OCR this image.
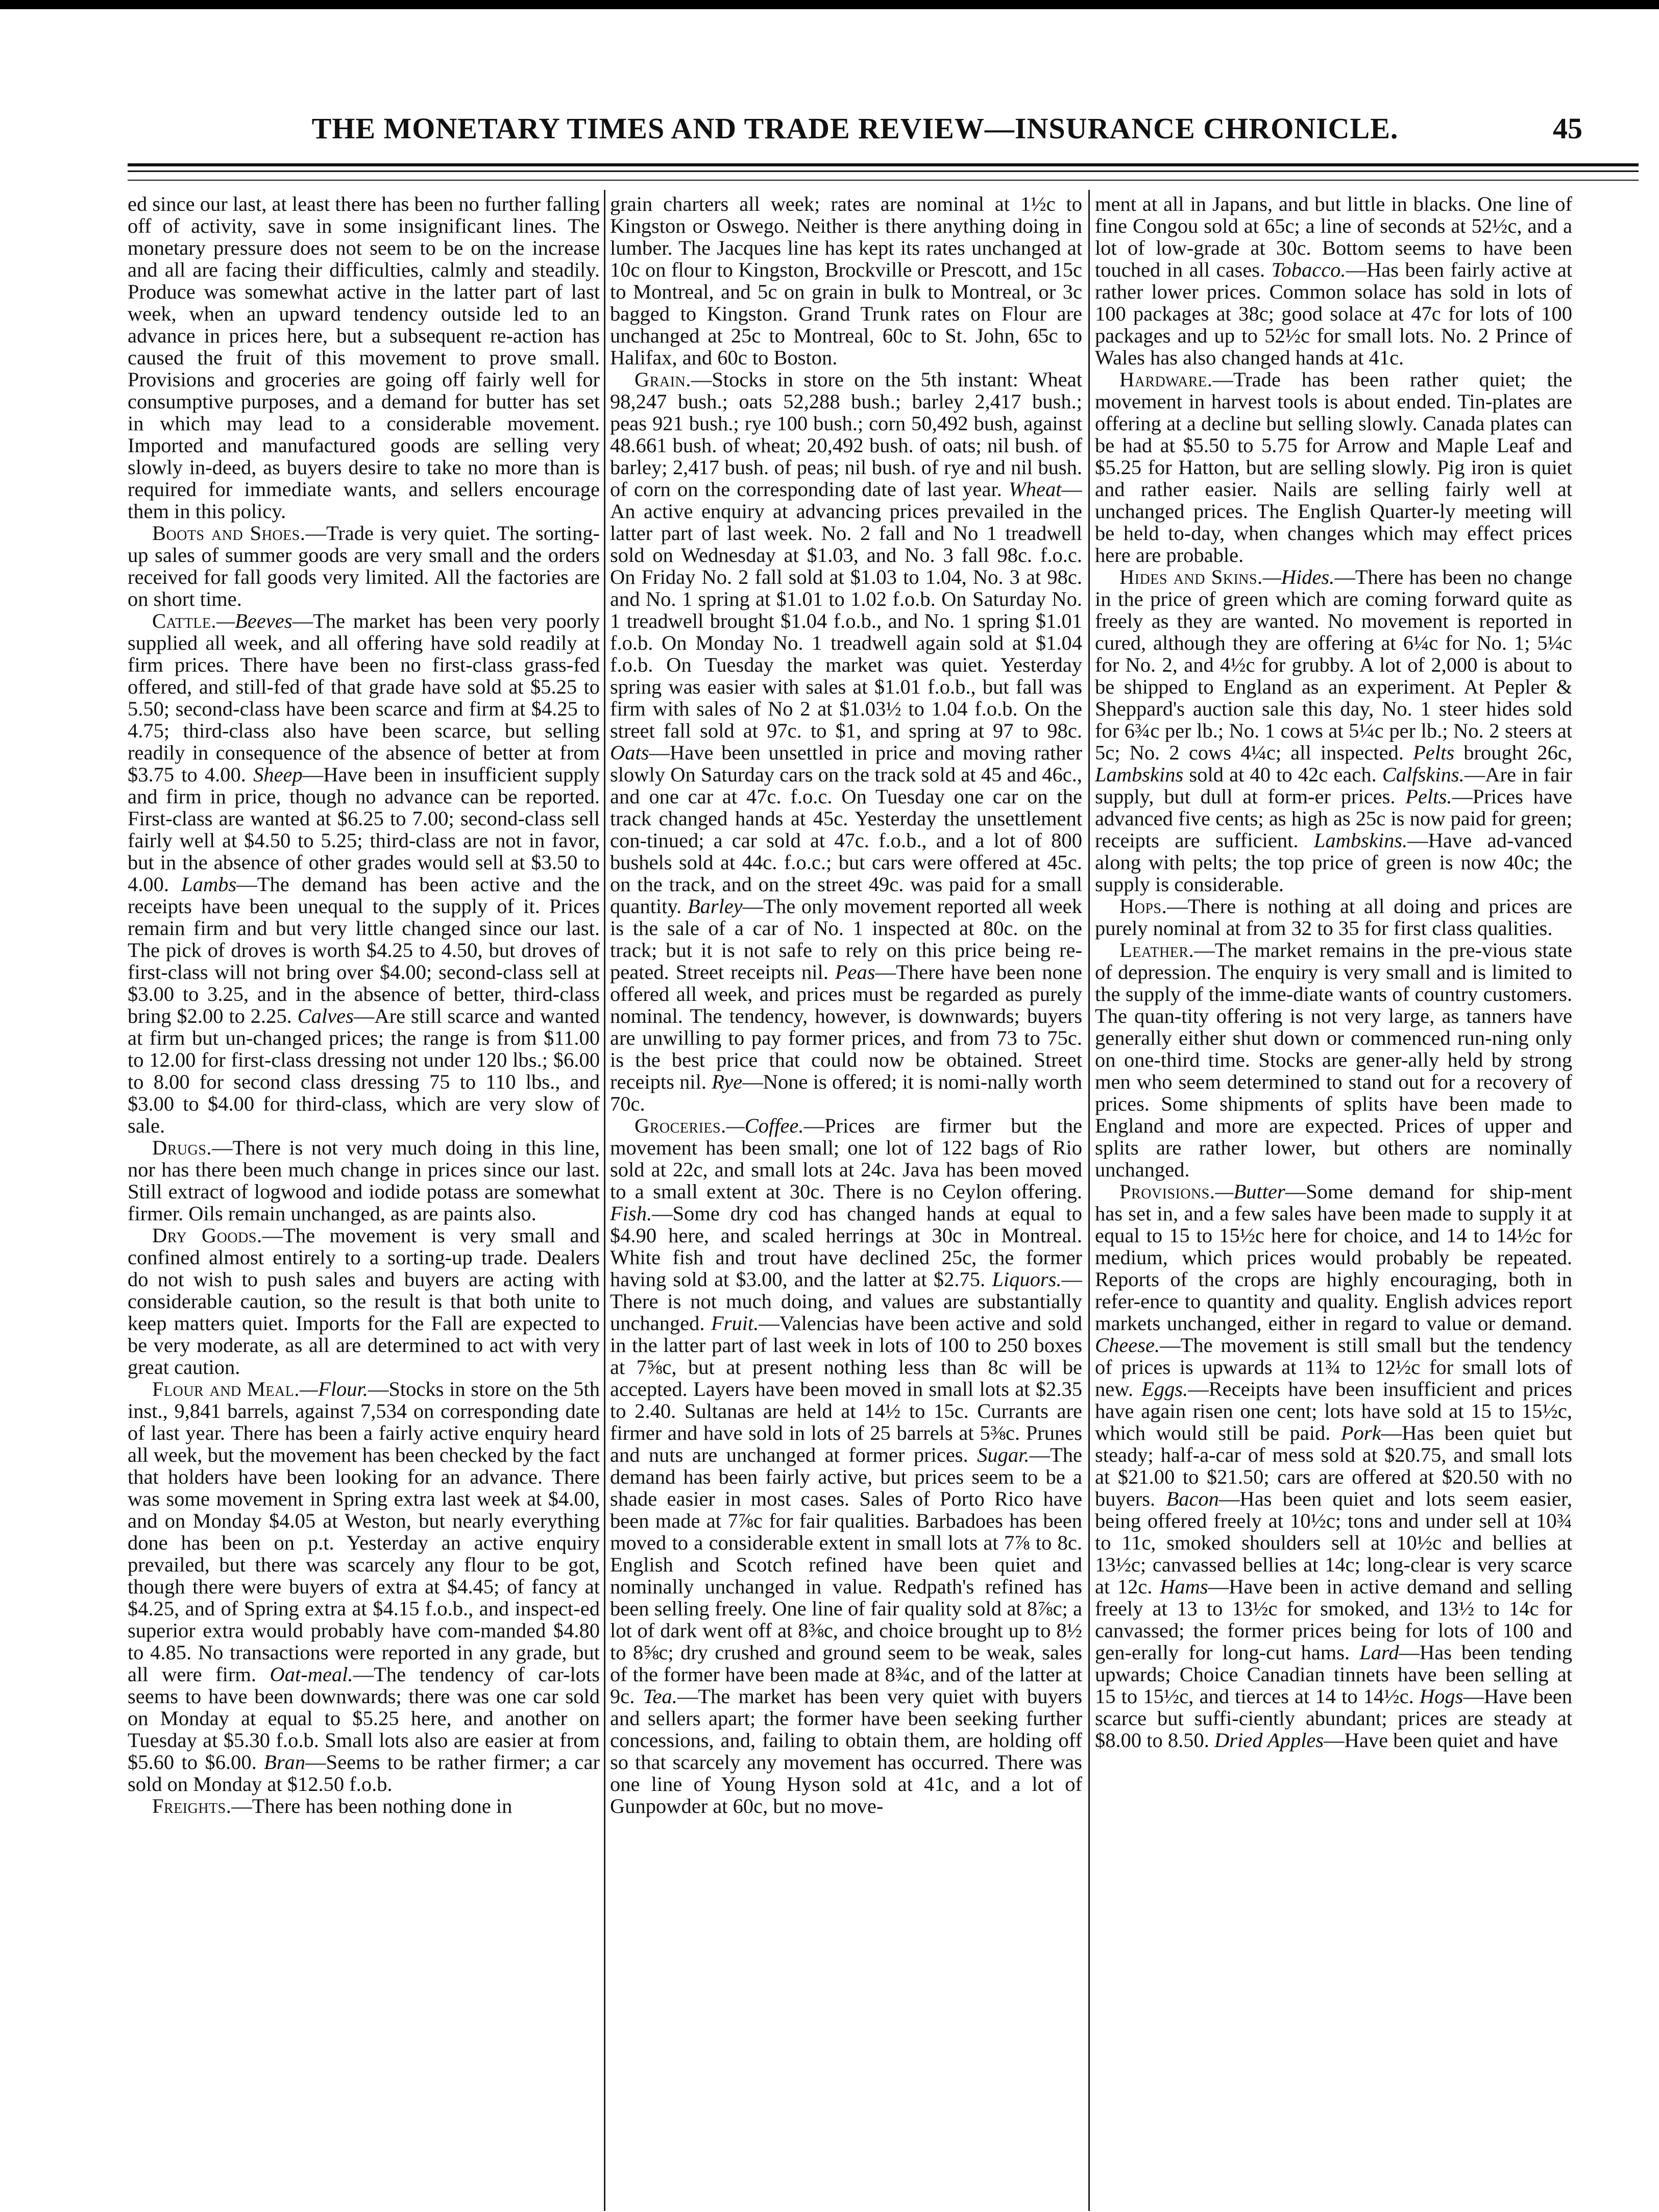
THE MONETARY TIMES AND TRADE REVIEW—INSURANCE CHRONICLE.	45

ed since our last, at least there has been no further falling off of activity, save in some insignificant lines. The monetary pressure does not seem to be on the increase and all are facing their difficulties, calmly and steadily. Produce was somewhat active in the latter part of last week, when an upward tendency outside led to an advance in prices here, but a subsequent re-action has caused the fruit of this movement to prove small. Provisions and groceries are going off fairly well for consumptive purposes, and a demand for butter has set in which may lead to a considerable movement. Imported and manufactured goods are selling very slowly in-deed, as buyers desire to take no more than is required for immediate wants, and sellers encourage them in this policy.

Boots and Shoes.—Trade is very quiet. The sorting-up sales of summer goods are very small and the orders received for fall goods very limited. All the factories are on short time.

Cattle.—Beeves—The market has been very poorly supplied all week, and all offering have sold readily at firm prices. There have been no first-class grass-fed offered, and still-fed of that grade have sold at $5.25 to 5.50; second-class have been scarce and firm at $4.25 to 4.75; third-class also have been scarce, but selling readily in consequence of the absence of better at from $3.75 to 4.00. Sheep—Have been in insufficient supply and firm in price, though no advance can be reported. First-class are wanted at $6.25 to 7.00; second-class sell fairly well at $4.50 to 5.25; third-class are not in favor, but in the absence of other grades would sell at $3.50 to 4.00. Lambs—The demand has been active and the receipts have been unequal to the supply of it. Prices remain firm and but very little changed since our last. The pick of droves is worth $4.25 to 4.50, but droves of first-class will not bring over $4.00; second-class sell at $3.00 to 3.25, and in the absence of better, third-class bring $2.00 to 2.25. Calves—Are still scarce and wanted at firm but un-changed prices; the range is from $11.00 to 12.00 for first-class dressing not under 120 lbs.; $6.00 to 8.00 for second class dressing 75 to 110 lbs., and $3.00 to $4.00 for third-class, which are very slow of sale.

Drugs.—There is not very much doing in this line, nor has there been much change in prices since our last. Still extract of logwood and iodide potass are somewhat firmer. Oils remain unchanged, as are paints also.

Dry Goods.—The movement is very small and confined almost entirely to a sorting-up trade. Dealers do not wish to push sales and buyers are acting with considerable caution, so the result is that both unite to keep matters quiet. Imports for the Fall are expected to be very moderate, as all are determined to act with very great caution.

Flour and Meal.—Flour.—Stocks in store on the 5th inst., 9,841 barrels, against 7,534 on corresponding date of last year. There has been a fairly active enquiry heard all week, but the movement has been checked by the fact that holders have been looking for an advance. There was some movement in Spring extra last week at $4.00, and on Monday $4.05 at Weston, but nearly everything done has been on p.t. Yesterday an active enquiry prevailed, but there was scarcely any flour to be got, though there were buyers of extra at $4.45; of fancy at $4.25, and of Spring extra at $4.15 f.o.b., and inspect-ed superior extra would probably have com-manded $4.80 to 4.85. No transactions were reported in any grade, but all were firm. Oat-meal.—The tendency of car-lots seems to have been downwards; there was one car sold on Monday at equal to $5.25 here, and another on Tuesday at $5.30 f.o.b. Small lots also are easier at from $5.60 to $6.00. Bran—Seems to be rather firmer; a car sold on Monday at $12.50 f.o.b.

Freights.—There has been nothing done in

grain charters all week; rates are nominal at 1½c to Kingston or Oswego. Neither is there anything doing in lumber. The Jacques line has kept its rates unchanged at 10c on flour to Kingston, Brockville or Prescott, and 15c to Montreal, and 5c on grain in bulk to Montreal, or 3c bagged to Kingston. Grand Trunk rates on Flour are unchanged at 25c to Montreal, 60c to St. John, 65c to Halifax, and 60c to Boston.

Grain.—Stocks in store on the 5th instant: Wheat 98,247 bush.; oats 52,288 bush.; barley 2,417 bush.; peas 921 bush.; rye 100 bush.; corn 50,492 bush, against 48.661 bush. of wheat; 20,492 bush. of oats; nil bush. of barley; 2,417 bush. of peas; nil bush. of rye and nil bush. of corn on the corresponding date of last year. Wheat—An active enquiry at advancing prices prevailed in the latter part of last week. No. 2 fall and No 1 treadwell sold on Wednesday at $1.03, and No. 3 fall 98c. f.o.c. On Friday No. 2 fall sold at $1.03 to 1.04, No. 3 at 98c. and No. 1 spring at $1.01 to 1.02 f.o.b. On Saturday No. 1 treadwell brought $1.04 f.o.b., and No. 1 spring $1.01 f.o.b. On Monday No. 1 treadwell again sold at $1.04 f.o.b. On Tuesday the market was quiet. Yesterday spring was easier with sales at $1.01 f.o.b., but fall was firm with sales of No 2 at $1.03½ to 1.04 f.o.b. On the street fall sold at 97c. to $1, and spring at 97 to 98c. Oats—Have been unsettled in price and moving rather slowly On Saturday cars on the track sold at 45 and 46c., and one car at 47c. f.o.c. On Tuesday one car on the track changed hands at 45c. Yesterday the unsettlement con-tinued; a car sold at 47c. f.o.b., and a lot of 800 bushels sold at 44c. f.o.c.; but cars were offered at 45c. on the track, and on the street 49c. was paid for a small quantity. Barley—The only movement reported all week is the sale of a car of No. 1 inspected at 80c. on the track; but it is not safe to rely on this price being re-peated. Street receipts nil. Peas—There have been none offered all week, and prices must be regarded as purely nominal. The tendency, however, is downwards; buyers are unwilling to pay former prices, and from 73 to 75c. is the best price that could now be obtained. Street receipts nil. Rye—None is offered; it is nomi-nally worth 70c.

Groceries.—Coffee.—Prices are firmer but the movement has been small; one lot of 122 bags of Rio sold at 22c, and small lots at 24c. Java has been moved to a small extent at 30c. There is no Ceylon offering. Fish.—Some dry cod has changed hands at equal to $4.90 here, and scaled herrings at 30c in Montreal. White fish and trout have declined 25c, the former having sold at $3.00, and the latter at $2.75. Liquors.—There is not much doing, and values are substantially unchanged. Fruit.—Valencias have been active and sold in the latter part of last week in lots of 100 to 250 boxes at 7⅝c, but at present nothing less than 8c will be accepted. Layers have been moved in small lots at $2.35 to 2.40. Sultanas are held at 14½ to 15c. Currants are firmer and have sold in lots of 25 barrels at 5⅜c. Prunes and nuts are unchanged at former prices. Sugar.—The demand has been fairly active, but prices seem to be a shade easier in most cases. Sales of Porto Rico have been made at 7⅞c for fair qualities. Barbadoes has been moved to a considerable extent in small lots at 7⅞ to 8c. English and Scotch refined have been quiet and nominally unchanged in value. Redpath's refined has been selling freely. One line of fair quality sold at 8⅞c; a lot of dark went off at 8⅜c, and choice brought up to 8½ to 8⅝c; dry crushed and ground seem to be weak, sales of the former have been made at 8¾c, and of the latter at 9c. Tea.—The market has been very quiet with buyers and sellers apart; the former have been seeking further concessions, and, failing to obtain them, are holding off so that scarcely any movement has occurred. There was one line of Young Hyson sold at 41c, and a lot of Gunpowder at 60c, but no move-

ment at all in Japans, and but little in blacks. One line of fine Congou sold at 65c; a line of seconds at 52½c, and a lot of low-grade at 30c. Bottom seems to have been touched in all cases. Tobacco.—Has been fairly active at rather lower prices. Common solace has sold in lots of 100 packages at 38c; good solace at 47c for lots of 100 packages and up to 52½c for small lots. No. 2 Prince of Wales has also changed hands at 41c.

Hardware.—Trade has been rather quiet; the movement in harvest tools is about ended. Tin-plates are offering at a decline but selling slowly. Canada plates can be had at $5.50 to 5.75 for Arrow and Maple Leaf and $5.25 for Hatton, but are selling slowly. Pig iron is quiet and rather easier. Nails are selling fairly well at unchanged prices. The English Quarter-ly meeting will be held to-day, when changes which may effect prices here are probable.

Hides and Skins.—Hides.—There has been no change in the price of green which are coming forward quite as freely as they are wanted. No movement is reported in cured, although they are offering at 6¼c for No. 1; 5¼c for No. 2, and 4½c for grubby. A lot of 2,000 is about to be shipped to England as an experiment. At Pepler & Sheppard's auction sale this day, No. 1 steer hides sold for 6¾c per lb.; No. 1 cows at 5¼c per lb.; No. 2 steers at 5c; No. 2 cows 4¼c; all inspected. Pelts brought 26c, Lambskins sold at 40 to 42c each. Calfskins.—Are in fair supply, but dull at form-er prices. Pelts.—Prices have advanced five cents; as high as 25c is now paid for green; receipts are sufficient. Lambskins.—Have ad-vanced along with pelts; the top price of green is now 40c; the supply is considerable.

Hops.—There is nothing at all doing and prices are purely nominal at from 32 to 35 for first class qualities.

Leather.—The market remains in the pre-vious state of depression. The enquiry is very small and is limited to the supply of the imme-diate wants of country customers. The quan-tity offering is not very large, as tanners have generally either shut down or commenced run-ning only on one-third time. Stocks are gener-ally held by strong men who seem determined to stand out for a recovery of prices. Some shipments of splits have been made to England and more are expected. Prices of upper and splits are rather lower, but others are nominally unchanged.

Provisions.—Butter—Some demand for ship-ment has set in, and a few sales have been made to supply it at equal to 15 to 15½c here for choice, and 14 to 14½c for medium, which prices would probably be repeated. Reports of the crops are highly encouraging, both in refer-ence to quantity and quality. English advices report markets unchanged, either in regard to value or demand. Cheese.—The movement is still small but the tendency of prices is upwards at 11¾ to 12½c for small lots of new. Eggs.—Receipts have been insufficient and prices have again risen one cent; lots have sold at 15 to 15½c, which would still be paid. Pork—Has been quiet but steady; half-a-car of mess sold at $20.75, and small lots at $21.00 to $21.50; cars are offered at $20.50 with no buyers. Bacon—Has been quiet and lots seem easier, being offered freely at 10½c; tons and under sell at 10¾ to 11c, smoked shoulders sell at 10½c and bellies at 13½c; canvassed bellies at 14c; long-clear is very scarce at 12c. Hams—Have been in active demand and selling freely at 13 to 13½c for smoked, and 13½ to 14c for canvassed; the former prices being for lots of 100 and gen-erally for long-cut hams. Lard—Has been tending upwards; Choice Canadian tinnets have been selling at 15 to 15½c, and tierces at 14 to 14½c. Hogs—Have been scarce but suffi-ciently abundant; prices are steady at $8.00 to 8.50. Dried Apples—Have been quiet and have
